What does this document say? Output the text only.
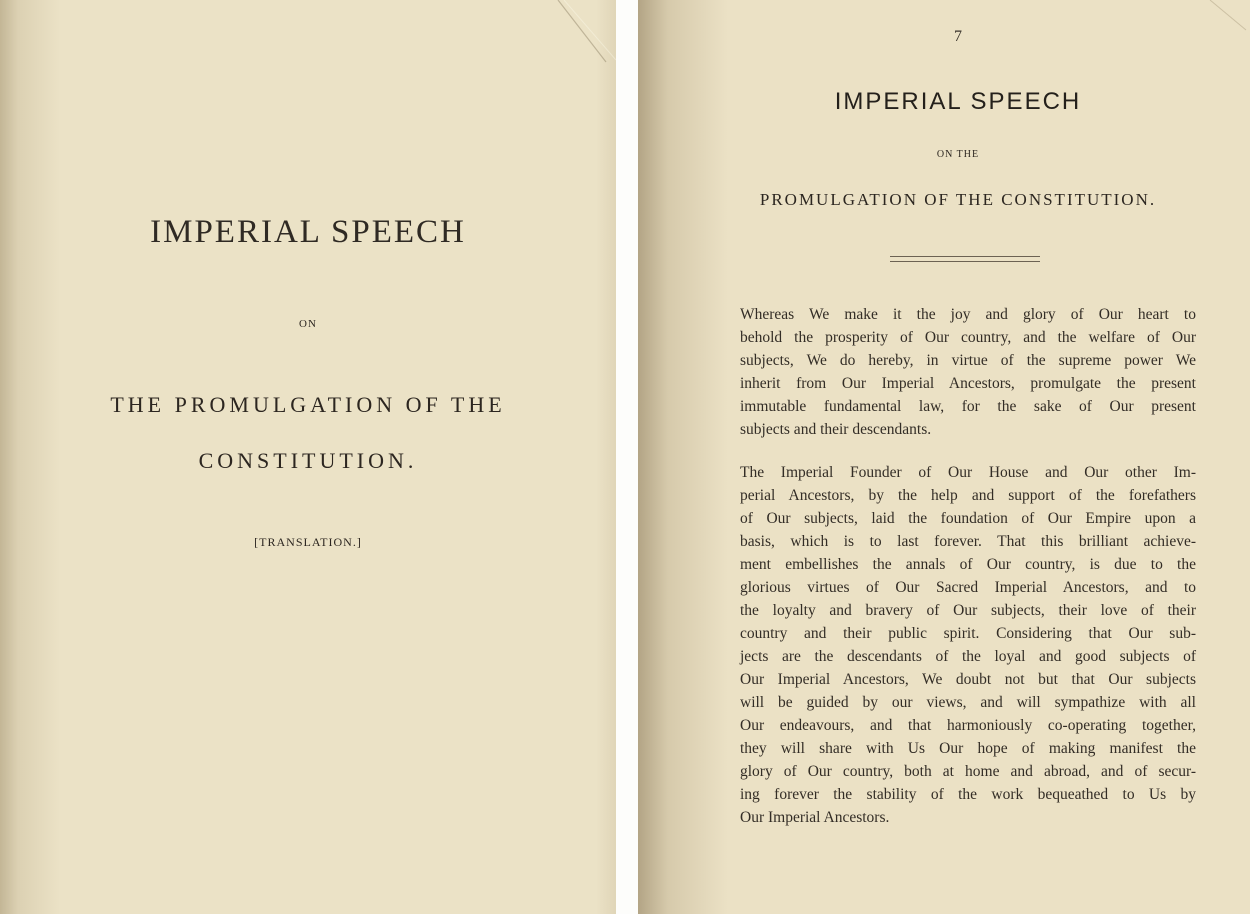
IMPERIAL SPEECH
ON
THE PROMULGATION OF THE
CONSTITUTION.
[TRANSLATION.]
7
IMPERIAL SPEECH
ON THE
PROMULGATION OF THE CONSTITUTION.

Whereas We make it the joy and glory of Our heart to
behold the prosperity of Our country, and the welfare of Our
subjects, We do hereby, in virtue of the supreme power We
inherit from Our Imperial Ancestors, promulgate the present
immutable fundamental law, for the sake of Our present
subjects and their descendants.

The Imperial Founder of Our House and Our other Im-
perial Ancestors, by the help and support of the forefathers
of Our subjects, laid the foundation of Our Empire upon a
basis, which is to last forever. That this brilliant achieve-
ment embellishes the annals of Our country, is due to the
glorious virtues of Our Sacred Imperial Ancestors, and to
the loyalty and bravery of Our subjects, their love of their
country and their public spirit. Considering that Our sub-
jects are the descendants of the loyal and good subjects of
Our Imperial Ancestors, We doubt not but that Our subjects
will be guided by our views, and will sympathize with all
Our endeavours, and that harmoniously co-operating together,
they will share with Us Our hope of making manifest the
glory of Our country, both at home and abroad, and of secur-
ing forever the stability of the work bequeathed to Us by
Our Imperial Ancestors.
